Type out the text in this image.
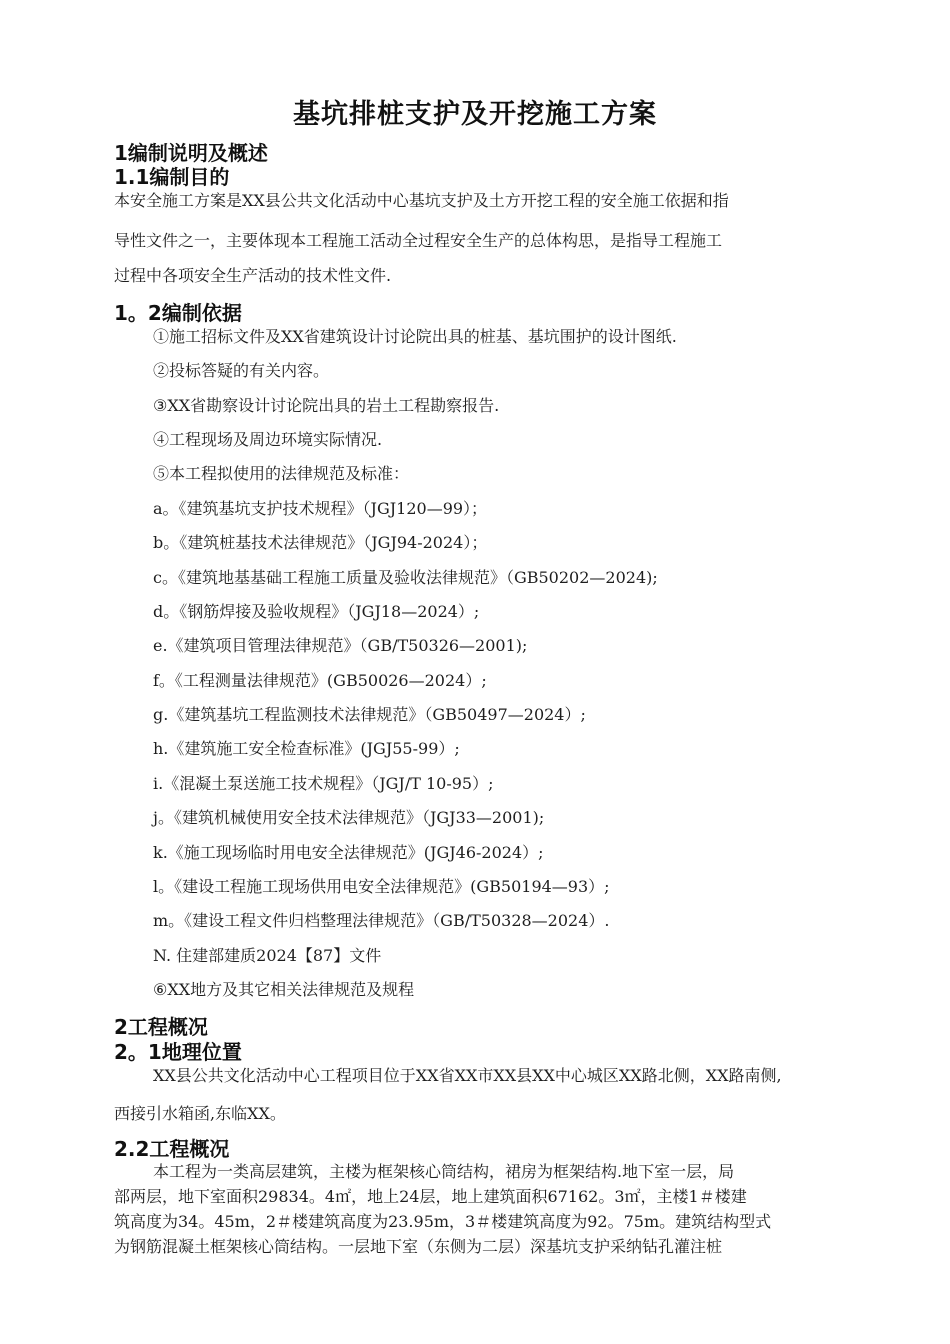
基坑排桩支护及开挖施工方案
1编制说明及概述
1.1编制目的
本安全施工方案是XX县公共文化活动中心基坑支护及土方开挖工程的安全施工依据和指
导性文件之一，主要体现本工程施工活动全过程安全生产的总体构思，是指导工程施工
过程中各项安全生产活动的技术性文件.
1。2编制依据
①施工招标文件及XX省建筑设计讨论院出具的桩基、基坑围护的设计图纸.
②投标答疑的有关内容。
③XX省勘察设计讨论院出具的岩土工程勘察报告.
④工程现场及周边环境实际情况.
⑤本工程拟使用的法律规范及标准：
a。《建筑基坑支护技术规程》（JGJ120—99）；
b。《建筑桩基技术法律规范》（JGJ94-2024）；
c。《建筑地基基础工程施工质量及验收法律规范》（GB50202—2024);
d。《钢筋焊接及验收规程》（JGJ18—2024）;
e.《建筑项目管理法律规范》（GB/T50326—2001);
f。《工程测量法律规范》(GB50026—2024）;
g.《建筑基坑工程监测技术法律规范》（GB50497—2024）;
h.《建筑施工安全检查标准》(JGJ55-99）;
i.《混凝土泵送施工技术规程》（JGJ/T 10-95）;
j。《建筑机械使用安全技术法律规范》（JGJ33—2001);
k.《施工现场临时用电安全法律规范》(JGJ46-2024）;
l。《建设工程施工现场供用电安全法律规范》(GB50194—93）;
m。《建设工程文件归档整理法律规范》（GB/T50328—2024）.
N. 住建部建质2024【87】文件
⑥XX地方及其它相关法律规范及规程
2工程概况
2。1地理位置
XX县公共文化活动中心工程项目位于XX省XX市XX县XX中心城区XX路北侧，XX路南侧,
西接引水箱函,东临XX。
2.2工程概况
本工程为一类高层建筑，主楼为框架核心筒结构，裙房为框架结构.地下室一层，局
部两层，地下室面积29834。4㎡，地上24层，地上建筑面积67162。3㎡，主楼1＃楼建
筑高度为34。45m，2＃楼建筑高度为23.95m，3＃楼建筑高度为92。75m。建筑结构型式
为钢筋混凝土框架核心筒结构。一层地下室（东侧为二层）深基坑支护采纳钻孔灌注桩
